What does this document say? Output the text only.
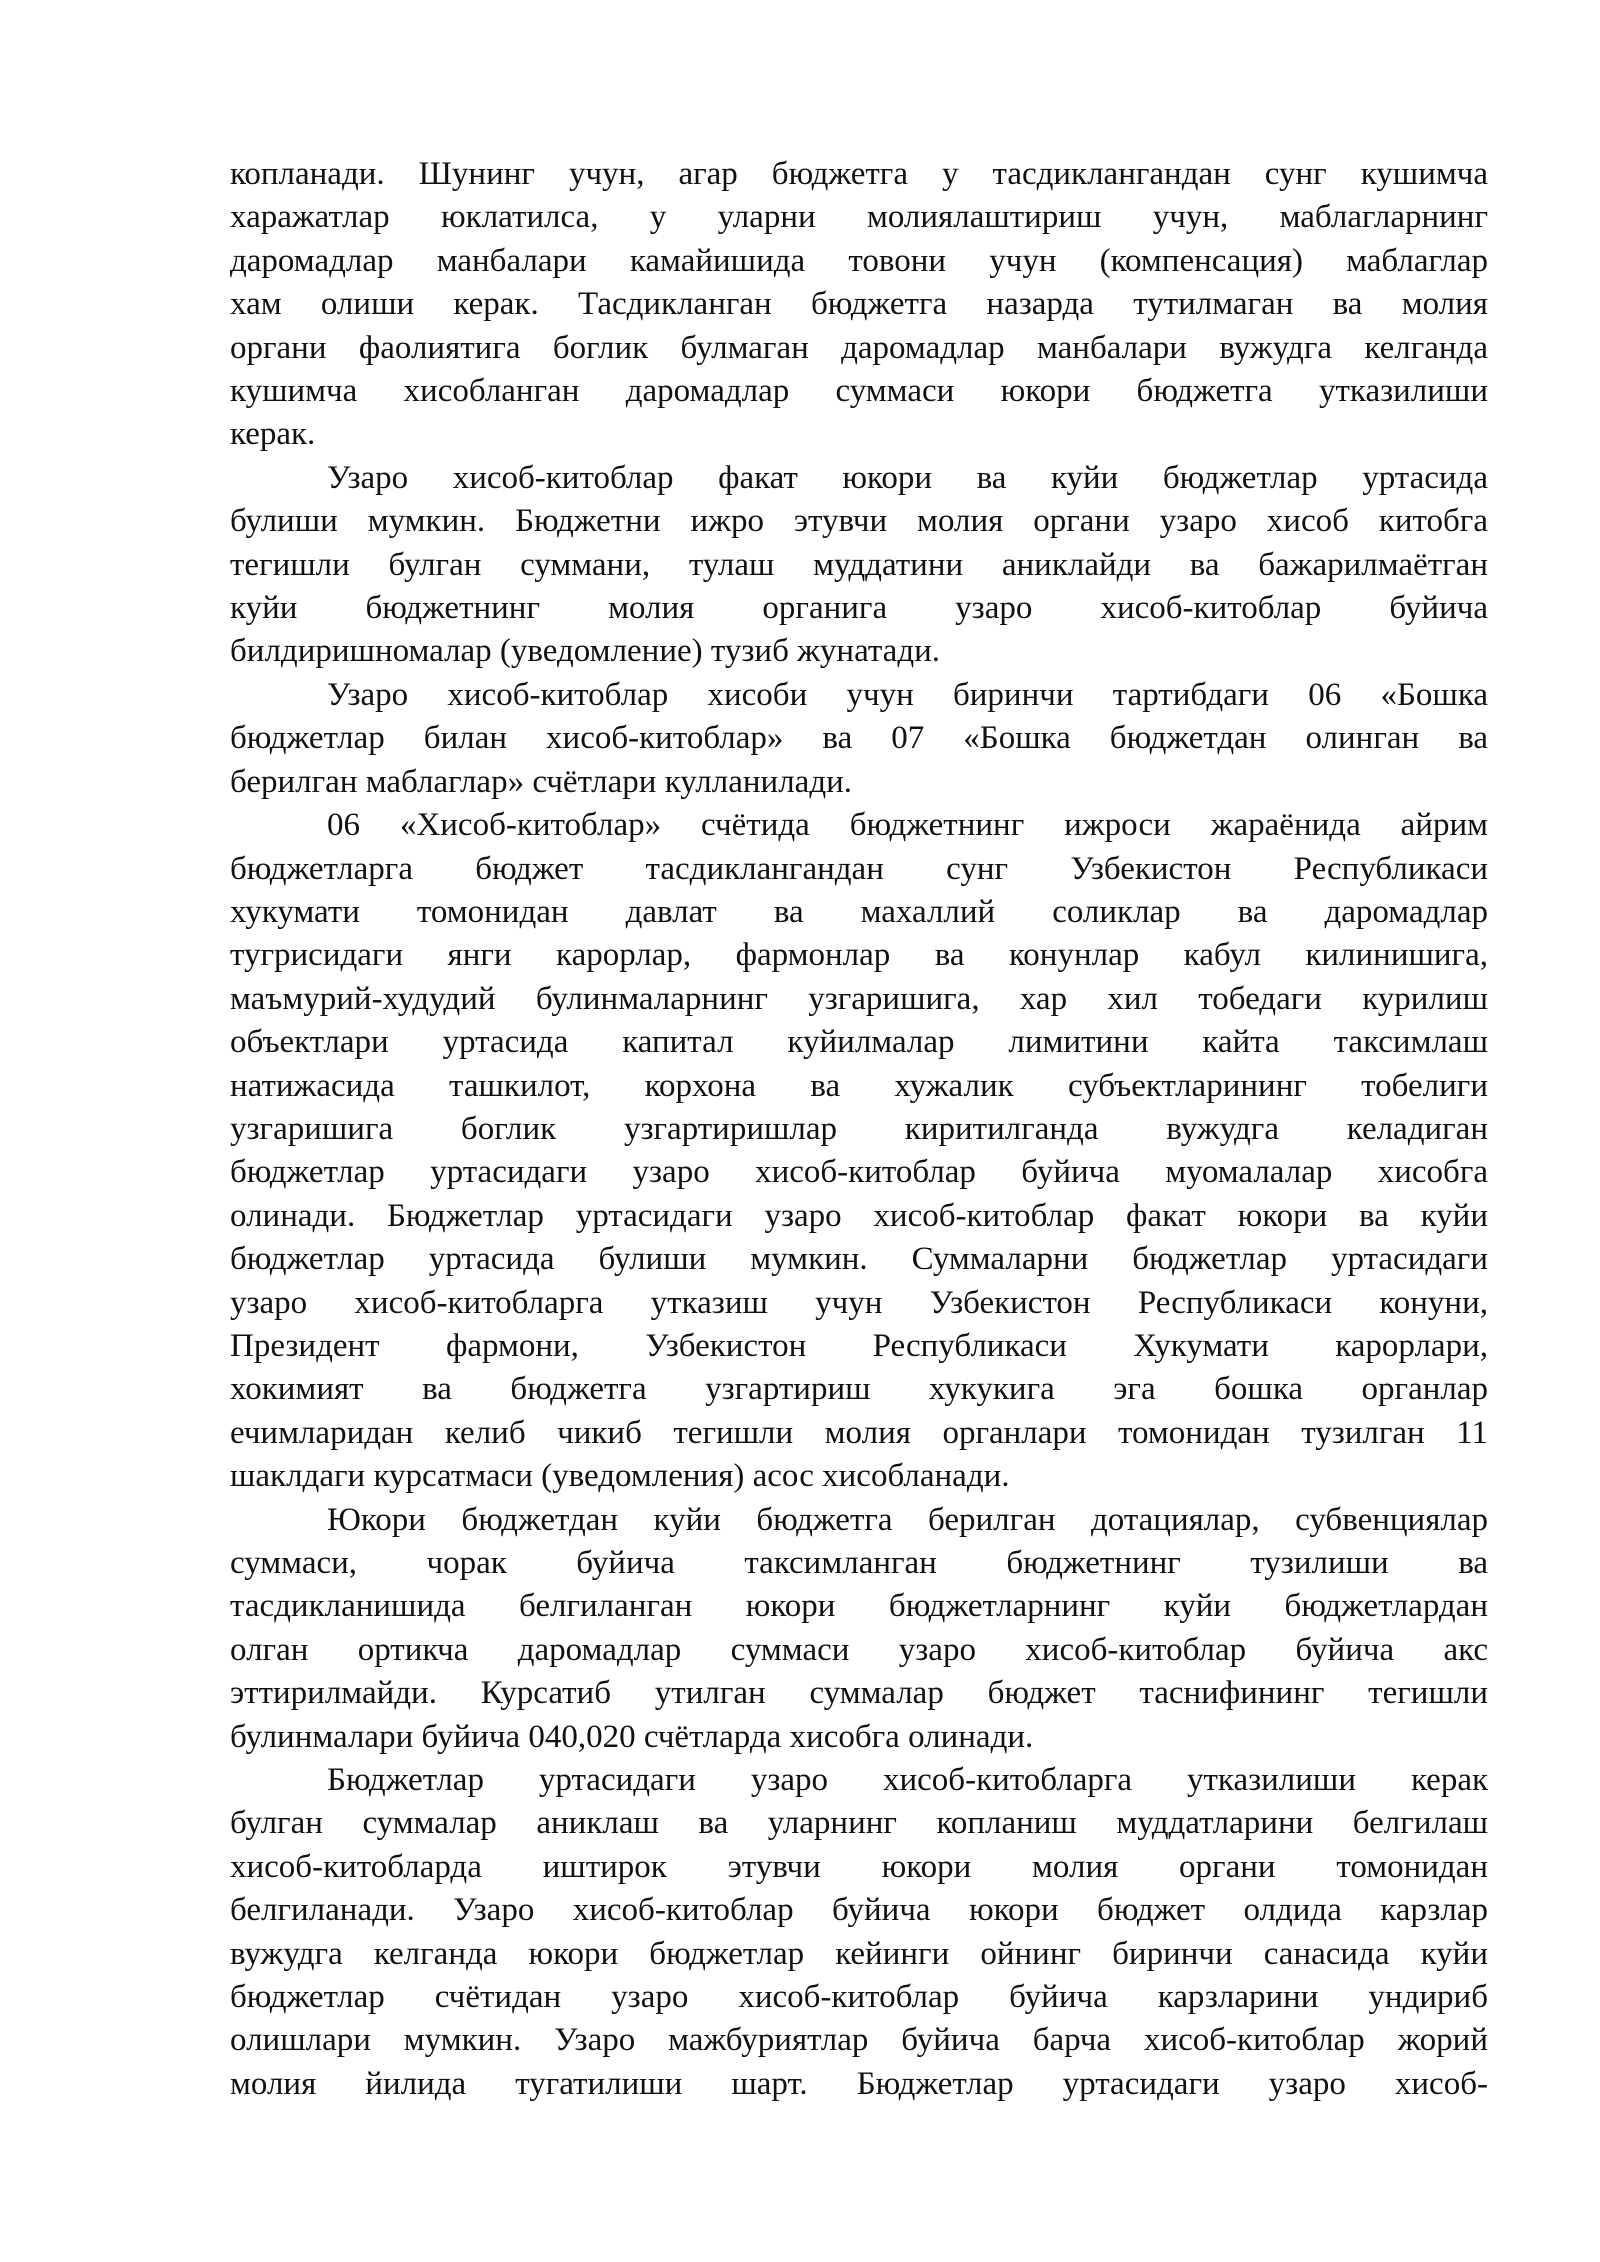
копланади. Шунинг учун, агар бюджетга у тасдиклангандан сунг кушимча
харажатлар юклатилса, у уларни молиялаштириш учун, маблагларнинг
даромадлар манбалари камайишида товони учун (компенсация) маблаглар
хам олиши керак. Тасдикланган бюджетга назарда тутилмаган ва молия
органи фаолиятига боглик булмаган даромадлар манбалари вужудга келганда
кушимча хисобланган даромадлар суммаси юкори бюджетга утказилиши
керак.
Узаро хисоб-китоблар факат юкори ва куйи бюджетлар уртасида
булиши мумкин. Бюджетни ижро этувчи молия органи узаро хисоб китобга
тегишли булган суммани, тулаш муддатини аниклайди ва бажарилмаётган
куйи бюджетнинг молия органига узаро хисоб-китоблар буйича
билдиришномалар (уведомление) тузиб жунатади.
Узаро хисоб-китоблар хисоби учун биринчи тартибдаги 06 «Бошка
бюджетлар билан хисоб-китоблар» ва 07 «Бошка бюджетдан олинган ва
берилган маблаглар» счётлари кулланилади.
06 «Хисоб-китоблар» счётида бюджетнинг ижроси жараёнида айрим
бюджетларга бюджет тасдиклангандан сунг Узбекистон Республикаси
хукумати томонидан давлат ва махаллий соликлар ва даромадлар
тугрисидаги янги карорлар, фармонлар ва конунлар кабул килинишига,
маъмурий-худудий булинмаларнинг узгаришига, хар хил тобедаги курилиш
объектлари уртасида капитал куйилмалар лимитини кайта таксимлаш
натижасида ташкилот, корхона ва хужалик субъектларининг тобелиги
узгаришига боглик узгартиришлар киритилганда вужудга келадиган
бюджетлар уртасидаги узаро хисоб-китоблар буйича муомалалар хисобга
олинади. Бюджетлар уртасидаги узаро хисоб-китоблар факат юкори ва куйи
бюджетлар уртасида булиши мумкин. Суммаларни бюджетлар уртасидаги
узаро хисоб-китобларга утказиш учун Узбекистон Республикаси конуни,
Президент фармони, Узбекистон Республикаси Хукумати карорлари,
хокимият ва бюджетга узгартириш хукукига эга бошка органлар
ечимларидан келиб чикиб тегишли молия органлари томонидан тузилган 11
шаклдаги курсатмаси (уведомления) асос хисобланади.
Юкори бюджетдан куйи бюджетга берилган дотациялар, субвенциялар
суммаси, чорак буйича таксимланган бюджетнинг тузилиши ва
тасдикланишида белгиланган юкори бюджетларнинг куйи бюджетлардан
олган ортикча даромадлар суммаси узаро хисоб-китоблар буйича акс
эттирилмайди. Курсатиб утилган суммалар бюджет таснифининг тегишли
булинмалари буйича 040,020 счётларда хисобга олинади.
Бюджетлар уртасидаги узаро хисоб-китобларга утказилиши керак
булган суммалар аниклаш ва уларнинг копланиш муддатларини белгилаш
хисоб-китобларда иштирок этувчи юкори молия органи томонидан
белгиланади. Узаро хисоб-китоблар буйича юкори бюджет олдида карзлар
вужудга келганда юкори бюджетлар кейинги ойнинг биринчи санасида куйи
бюджетлар счётидан узаро хисоб-китоблар буйича карзларини ундириб
олишлари мумкин. Узаро мажбуриятлар буйича барча хисоб-китоблар жорий
молия йилида тугатилиши шарт. Бюджетлар уртасидаги узаро хисоб-
